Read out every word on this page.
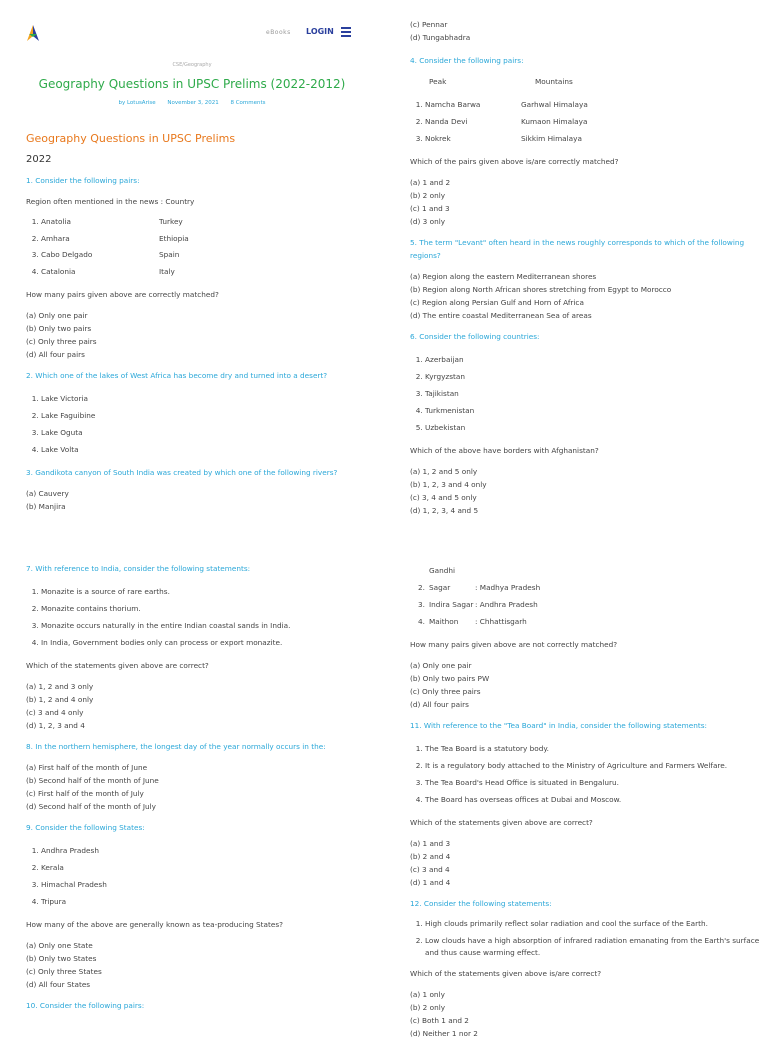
eBooks LOGIN
CSE/Geography
Geography Questions in UPSC Prelims (2022-2012)
by LotusArise November 3, 2021 8 Comments
Geography Questions in UPSC Prelims
2022

1. Consider the following pairs:

Region often mentioned in the news : Country

1. Anatolia	Turkey
2. Amhara	Ethiopia
3. Cabo Delgado	Spain
4. Catalonia	Italy

How many pairs given above are correctly matched?

(a) Only one pair

(b) Only two pairs

(c) Only three pairs

(d) All four pairs

2. Which one of the lakes of West Africa has become dry and turned into a desert?

1. Lake Victoria
2. Lake Faguibine
3. Lake Oguta
4. Lake Volta

3. Gandikota canyon of South India was created by which one of the following rivers?

(a) Cauvery

(b) Manjira

(c) Pennar

(d) Tungabhadra

4. Consider the following pairs:

Peak	Mountains

1. Namcha Barwa	Garhwal Himalaya
2. Nanda Devi	Kumaon Himalaya
3. Nokrek	Sikkim Himalaya

Which of the pairs given above is/are correctly matched?

(a) 1 and 2

(b) 2 only

(c) 1 and 3

(d) 3 only

5. The term "Levant" often heard in the news roughly corresponds to which of the following regions?

(a) Region along the eastern Mediterranean shores

(b) Region along North African shores stretching from Egypt to Morocco

(c) Region along Persian Gulf and Horn of Africa

(d) The entire coastal Mediterranean Sea of areas

6. Consider the following countries:

1. Azerbaijan
2. Kyrgyzstan
3. Tajikistan
4. Turkmenistan
5. Uzbekistan

Which of the above have borders with Afghanistan?

(a) 1, 2 and 5 only

(b) 1, 2, 3 and 4 only

(c) 3, 4 and 5 only

(d) 1, 2, 3, 4 and 5

7. With reference to India, consider the following statements:

1. Monazite is a source of rare earths.
2. Monazite contains thorium.
3. Monazite occurs naturally in the entire Indian coastal sands in India.
4. In India, Government bodies only can process or export monazite.

Which of the statements given above are correct?

(a) 1, 2 and 3 only

(b) 1, 2 and 4 only

(c) 3 and 4 only

(d) 1, 2, 3 and 4

8. In the northern hemisphere, the longest day of the year normally occurs in the:

(a) First half of the month of June

(b) Second half of the month of June

(c) First half of the month of July

(d) Second half of the month of July

9. Consider the following States:

1. Andhra Pradesh
2. Kerala
3. Himachal Pradesh
4. Tripura

How many of the above are generally known as tea-producing States?

(a) Only one State

(b) Only two States

(c) Only three States

(d) All four States

10. Consider the following pairs:

2.Gandhi Sagar	: Madhya Pradesh

3. Indira Sagar : Andhra Pradesh

4. Maithon : Chhattisgarh

How many pairs given above are not correctly matched?

(a) Only one pair

(b) Only two pairs PW

(c) Only three pairs

(d) All four pairs

11. With reference to the "Tea Board" in India, consider the following statements:

1. The Tea Board is a statutory body.
2. It is a regulatory body attached to the Ministry of Agriculture and Farmers Welfare.
3. The Tea Board's Head Office is situated in Bengaluru.
4. The Board has overseas offices at Dubai and Moscow.

Which of the statements given above are correct?

(a) 1 and 3

(b) 2 and 4

(c) 3 and 4

(d) 1 and 4

12. Consider the following statements:

1. High clouds primarily reflect solar radiation and cool the surface of the Earth.
2. Low clouds have a high absorption of infrared radiation emanating from the Earth's surface and thus cause warming effect.

Which of the statements given above is/are correct?

(a) 1 only

(b) 2 only

(c) Both 1 and 2

(d) Neither 1 nor 2
